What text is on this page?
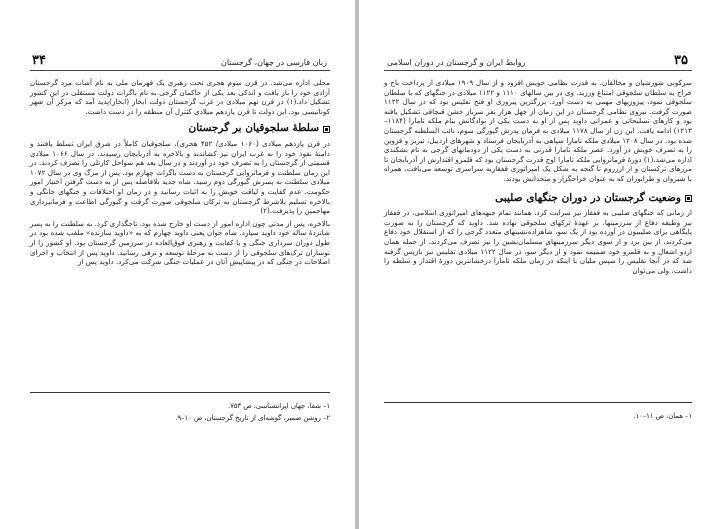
۳۴	زبان فارسی در جهان، گرجستان

محلی اداره می‌شد. در قرن سوم هجری تحت رهبری یک قهرمان ملی به نام آشات مزد گرجستان آزادی خود را باز یافت و اندکی بعد یکی از حاکمان گرجی به نام باگرات دولت مستقلی در این کشور تشکیل داد.(۱) در قرن نهم میلادی در غرب گرجستان دولت ابخاز (ابخاز)پدید آمد که مرکز آن شهر کوتاتیسی بود. این دولت تا قرن یازدهم میلادی کنترل آن منطقه را در دست داشت.

سلطهٔ سلجوقیان بر گرجستان

در قرن یازدهم میلادی (۱۰۶۰ میلادی/ ۴۵۲ هجری)، سلجوقیان کاملاً در شرق ایران تسلط یافتند و دامنهٔ نفوذ خود را به غرب ایران نیز کشاندند و بالاخره به آذربایجان رسیدند. در سال ۱۰۶۶ میلادی قسمتی از گرجستان را به تصرف خود در آوردند و در سال بعد هم سواحل کارتلی را تصرف کردند. در این زمان سلطنت و فرمانروایی گرجستان به دست باگرات چهارم بود. پس از مرگ وی در سال ۱۰۷۲ میلادی سلطنت به پسرش گیورگی دوم رسید. شاه جدید بلافاصله پس از به دست گرفتن اختیار امور حکومت، عدم کفایت و لیاقت خویش را به اثبات رسانید و در زمان او اختلافات و جنگهای خانگی و بالاخره تسلیم بلاشرط گرجستان به ترکان سلجوقی صورت گرفت و گیورگی اطاعت و فرمانبرداری مهاجمین را پذیرفت.(۲)

بالاخره، پس از مدتی چون اداره امور از دست او خارج شده بود، تاجگذاری کرد. به سلطنت را به پسر شانزدهٔ ساله خود داوید سپارد. شاه جوان یعنی داوید چهارم که به «داوید سازنده» ملقب شده بود در طول دوران سرداری جنگی و یا کفایت و رهبری فوق‌العاده در سرزمین گرجستان بود. او کشور را از نوسازان ترک‌های سلجوقی را از دست به مرحلهٔ توسعه و ترقی رسانید. داوید پس از انتخاب و اجرای اصلاحات در جنگی که در پیشاپیش آنان در عملیات جنگی شرکت می‌کرد. داوید پس از

۱– شفا، جهان ایرانشناسی، ص ۷۵۳.
۲– روشن ضمیر، گوشه‌ای از تاریخ گرجستان، ص ۱۰–۹.
۳۵
روابط ایران و گرجستان در دوران اسلامی

سرکوبی شورشیان و مخالفان، به قدرت نظامی خویش افزود و از سال ۱۹۰۹ میلادی از پرداخت باج و خراج به سلطان سلجوقی امتناع ورزید. وی در بین سالهای ۱۱۱۰ و ۱۱۲۲ میلادی در جنگهای که با سلطان سلجوقی نمود، پیروزیهای مهمی به دست آورد. بزرگترین پیروزی او فتح تفلیس بود که در سال ۱۱۲۲ صورت گرفت. نیروی نظامی گرجستان در این زمان از چهل هزار نفر سرباز خشن قبچاقی تشکیل یافته بود و کارهای تسلیحاتی و عمرانی داوید پس از او به دست یکی از نوادگانش بنام ملکه تامارا (۱۱۸۴–۱۲۱۳) ادامه یافت. این زن از سال ۱۱۷۸ میلادی به فرمان پدرش گیورگی سوم، نائب السلطنه گرجستان شده بود. در سال ۱۲۰۸ میلادی ملکه تامارا سپاهی به آذربایجان فرستاد و شهرهای اردبیل، تبریز و قزوین را به تصرف خویش در آورد. عصر ملکه تامارا قدرتی به دست یکی از دودمانهای گرجی به نام بشکندی اداره می‌شد.(۱) دورهٔ فرمانروایی ملکه تامارا اوج قدرت گرجستان بود که قلمرو اقتدارش از آذربایجان تا مرزهای ترکستان و از ارزروم تا گنجه به شکل یک امپراتوری قفقازیه سراسری توسعه می‌یافت، همراه با شیروان و طرابوزان که به عنوان خراجگزار و متحدانش بودند.

وضعیت گرجستان در دوران جنگهای صلیبی

از زمانی که جنگهای صلیبی به قفقاز نیز سرایت کرد، همانند تمام جبهه‌های امپراتوری اسلامی، در قفقاز نیز وظیفه دفاع از سرزمینها، بر عهدهٔ ترکهای سلجوقی نهاده شد. داوید که گرجستان را به صورت پایگاهی برای صلیبیون در آورده بود از یک سو، شاهزاده‌نشینهای متعدد گرجی را که از استقلال خود دفاع می‌کردند، از بین برد و از سوی دیگر سرزمینهای مسلمان‌نشین را نیز تصرف می‌کردند. از جمله همان اردو اشغال و به قلمرو خود ضمیمه نمود و از دیگر سو، در سال ۱۱۲۲ میلادی تفلیس نیز بازپس گرفته شد که در آنجا تفلیس را سپس ملیان با اینکه در زمان ملکه تامارا درخشانترین دورهٔ اقتدار و سلطه را داشت، ولی می‌توان

۱– همان، ص ۱۱–۱۰.
